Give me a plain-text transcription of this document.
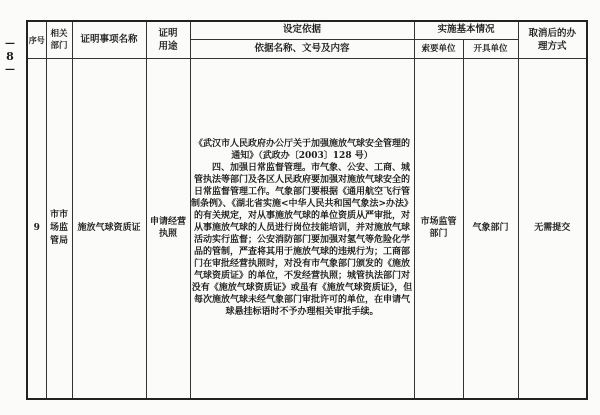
—
8
—
序号	相关部门	证明事项名称	证明用途	设定依据	实施基本情况		取消后的办理方式
				依据名称、文号及内容	索要单位	开具单位	
9	市市场监管局	施放气球资质证	申请经营执照	《武汉市人民政府办公厅关于加强施放气球安全管理的通知》（武政办〔2003〕128 号）

四、加强日常监督管理。市气象、公安、工商、城管执法等部门及各区人民政府要加强对施放气球安全的日常监督管理工作。气象部门要根据《通用航空飞行管制条例》、《湖北省实施<中华人民共和国气象法>办法》的有关规定，对从事施放气球的单位资质从严审批，对从事施放气球的人员进行岗位技能培训，并对施放气球活动实行监督；公安消防部门要加强对氢气等危险化学品的管制，严查将其用于施放气球的违规行为；工商部门在审批经营执照时，对没有市气象部门颁发的《施放气球资质证》的单位，不发经营执照；城管执法部门对没有《施放气球资质证》或虽有《施放气球资质证》，但每次施放气球未经气象部门审批许可的单位，在申请气球悬挂标语时不予办理相关审批手续。	市场监管部门	气象部门	无需提交
